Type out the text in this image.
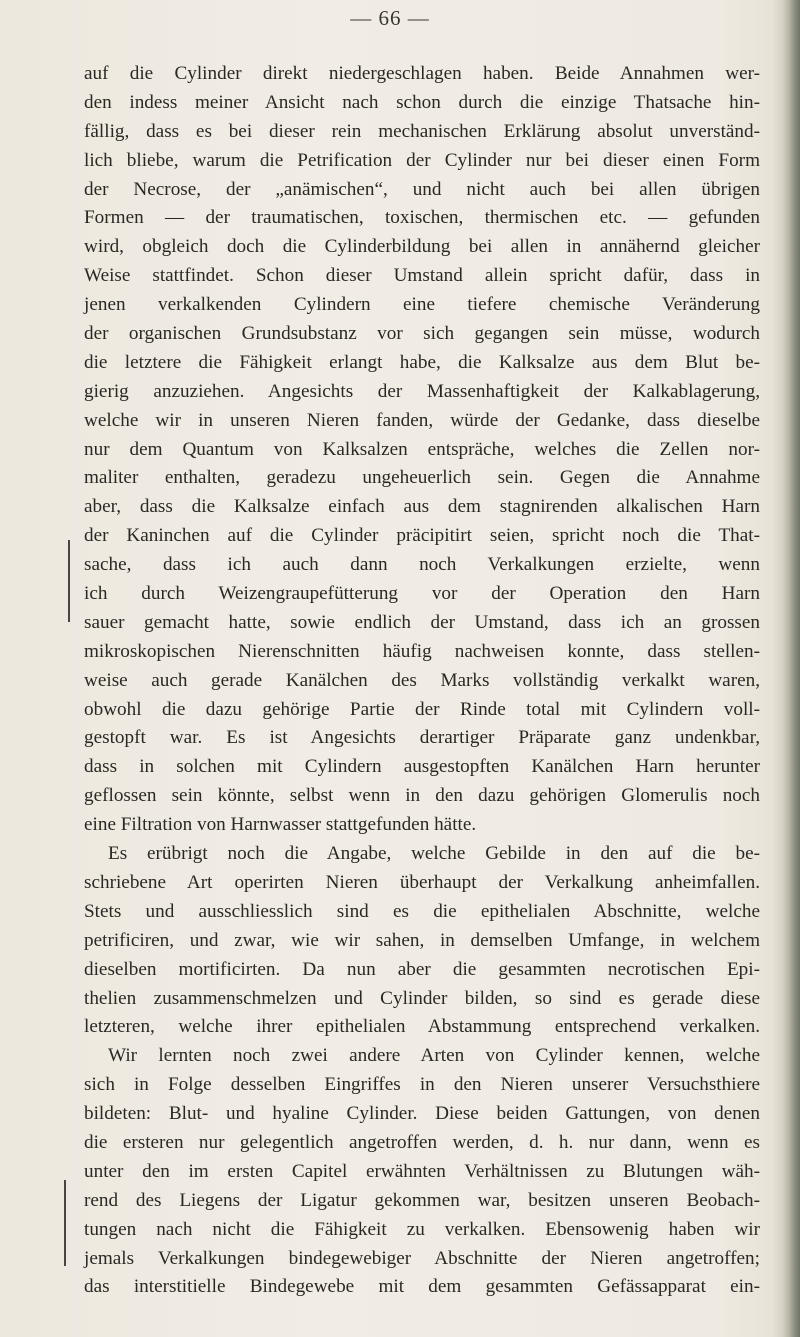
— 66 —
auf die Cylinder direkt niedergeschlagen haben. Beide Annahmen wer-
den indess meiner Ansicht nach schon durch die einzige Thatsache hin-
fällig, dass es bei dieser rein mechanischen Erklärung absolut unverständ-
lich bliebe, warum die Petrification der Cylinder nur bei dieser einen Form
der Necrose, der „anämischen“, und nicht auch bei allen übrigen
Formen — der traumatischen, toxischen, thermischen etc. — gefunden
wird, obgleich doch die Cylinderbildung bei allen in annähernd gleicher
Weise stattfindet. Schon dieser Umstand allein spricht dafür, dass in
jenen verkalkenden Cylindern eine tiefere chemische Veränderung
der organischen Grundsubstanz vor sich gegangen sein müsse, wodurch
die letztere die Fähigkeit erlangt habe, die Kalksalze aus dem Blut be-
gierig anzuziehen. Angesichts der Massenhaftigkeit der Kalkablagerung,
welche wir in unseren Nieren fanden, würde der Gedanke, dass dieselbe
nur dem Quantum von Kalksalzen entspräche, welches die Zellen nor-
maliter enthalten, geradezu ungeheuerlich sein. Gegen die Annahme
aber, dass die Kalksalze einfach aus dem stagnirenden alkalischen Harn
der Kaninchen auf die Cylinder präcipitirt seien, spricht noch die That-
sache, dass ich auch dann noch Verkalkungen erzielte, wenn
ich durch Weizengraupefütterung vor der Operation den Harn
sauer gemacht hatte, sowie endlich der Umstand, dass ich an grossen
mikroskopischen Nierenschnitten häufig nachweisen konnte, dass stellen-
weise auch gerade Kanälchen des Marks vollständig verkalkt waren,
obwohl die dazu gehörige Partie der Rinde total mit Cylindern voll-
gestopft war. Es ist Angesichts derartiger Präparate ganz undenkbar,
dass in solchen mit Cylindern ausgestopften Kanälchen Harn herunter
geflossen sein könnte, selbst wenn in den dazu gehörigen Glomerulis noch
eine Filtration von Harnwasser stattgefunden hätte.
Es erübrigt noch die Angabe, welche Gebilde in den auf die be-
schriebene Art operirten Nieren überhaupt der Verkalkung anheimfallen.
Stets und ausschliesslich sind es die epithelialen Abschnitte, welche
petrificiren, und zwar, wie wir sahen, in demselben Umfange, in welchem
dieselben mortificirten. Da nun aber die gesammten necrotischen Epi-
thelien zusammenschmelzen und Cylinder bilden, so sind es gerade diese
letzteren, welche ihrer epithelialen Abstammung entsprechend verkalken.
Wir lernten noch zwei andere Arten von Cylinder kennen, welche
sich in Folge desselben Eingriffes in den Nieren unserer Versuchsthiere
bildeten: Blut- und hyaline Cylinder. Diese beiden Gattungen, von denen
die ersteren nur gelegentlich angetroffen werden, d. h. nur dann, wenn es
unter den im ersten Capitel erwähnten Verhältnissen zu Blutungen wäh-
rend des Liegens der Ligatur gekommen war, besitzen unseren Beobach-
tungen nach nicht die Fähigkeit zu verkalken. Ebensowenig haben wir
jemals Verkalkungen bindegewebiger Abschnitte der Nieren angetroffen;
das interstitielle Bindegewebe mit dem gesammten Gefässapparat ein-
